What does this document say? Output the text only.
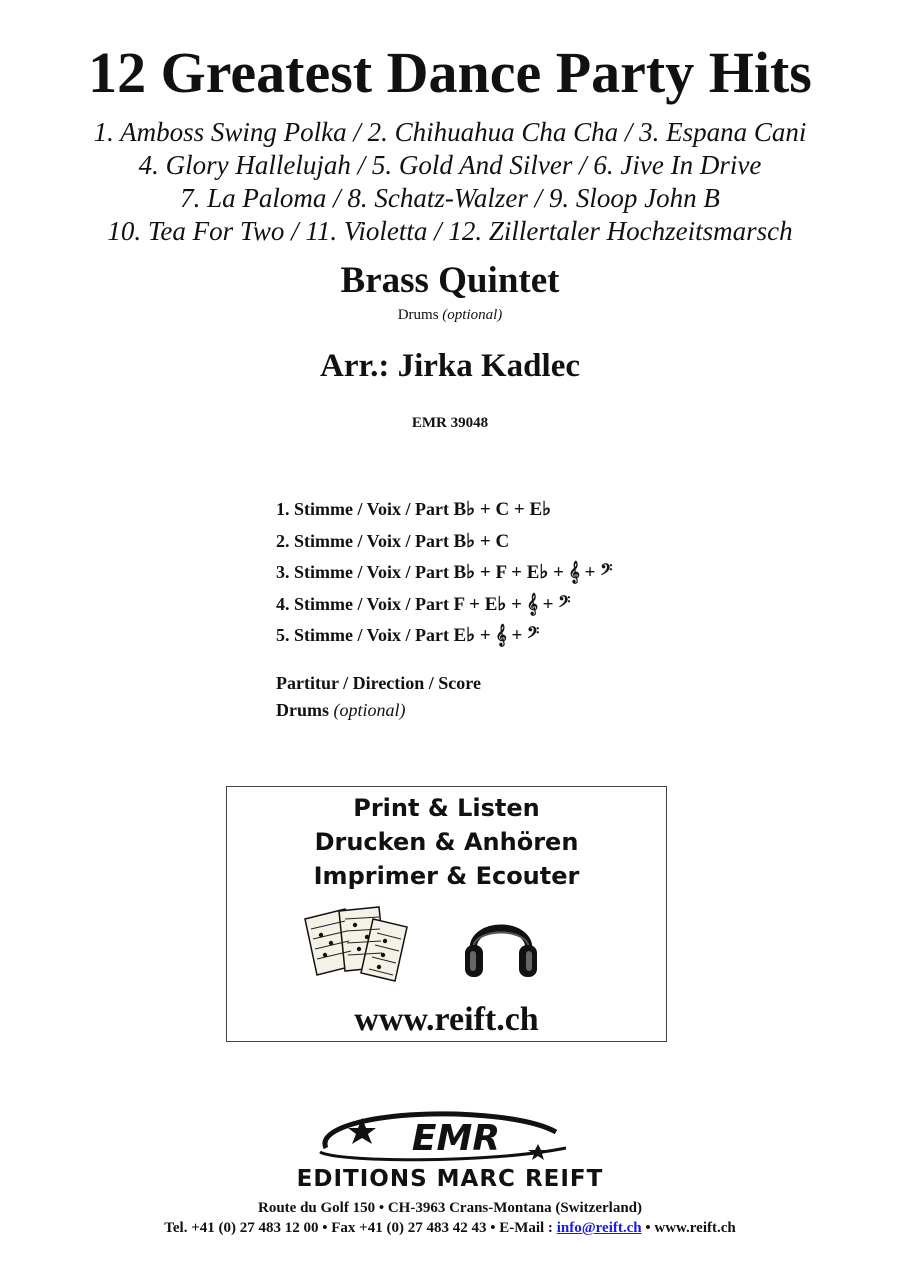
12 Greatest Dance Party Hits
1. Amboss Swing Polka / 2. Chihuahua Cha Cha / 3. Espana Cani
4. Glory Hallelujah / 5. Gold And Silver / 6. Jive In Drive
7. La Paloma / 8. Schatz-Walzer / 9. Sloop John B
10. Tea For Two / 11. Violetta / 12. Zillertaler Hochzeitsmarsch
Brass Quintet
Drums (optional)
Arr.: Jirka Kadlec
EMR 39048
1. Stimme / Voix / Part B♭ + C + E♭
2. Stimme / Voix / Part B♭ + C
3. Stimme / Voix / Part B♭ + F + E♭ + 𝄞 + 𝄢
4. Stimme / Voix / Part F + E♭ + 𝄞 + 𝄢
5. Stimme / Voix / Part E♭ + 𝄞 + 𝄢
Partitur / Direction / Score
Drums (optional)
Print & Listen
Drucken & Anhören
Imprimer & Ecouter
www.reift.ch
EMR
EDITIONS MARC REIFT
Route du Golf 150 • CH-3963 Crans-Montana (Switzerland)
Tel. +41 (0) 27 483 12 00 • Fax +41 (0) 27 483 42 43 • E-Mail : info@reift.ch • www.reift.ch
